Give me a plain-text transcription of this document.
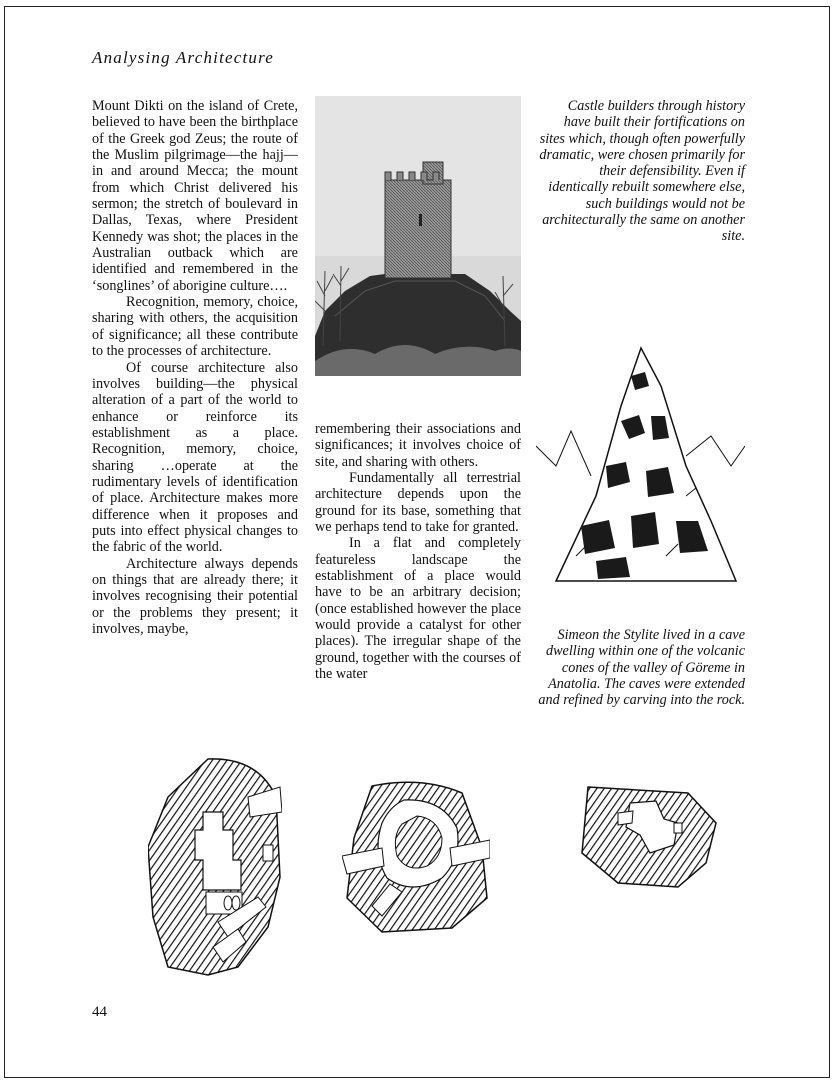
Analysing Architecture

Mount Dikti on the island of Crete, believed to have been the birthplace of the Greek god Zeus; the route of the Muslim pilgrimage—the hajj—in and around Mecca; the mount from which Christ delivered his sermon; the stretch of boulevard in Dallas, Texas, where President Kennedy was shot; the places in the Australian outback which are identified and remembered in the ‘songlines’ of aborigine culture….

Recognition, memory, choice, sharing with others, the acquisition of significance; all these contribute to the processes of architecture.

Of course architecture also involves building—the physical alteration of a part of the world to enhance or reinforce its establishment as a place. Recognition, memory, choice, sharing …operate at the rudimentary levels of identification of place. Architecture makes more difference when it proposes and puts into effect physical changes to the fabric of the world.

Architecture always depends on things that are already there; it involves recognising their potential or the problems they present; it involves, maybe,

Castle builders through history have built their fortifications on sites which, though often powerfully dramatic, were chosen primarily for their defensibility. Even if identically rebuilt somewhere else, such buildings would not be architecturally the same on another site.

remembering their associations and significances; it involves choice of site, and sharing with others.

Fundamentally all terrestrial architecture depends upon the ground for its base, something that we perhaps tend to take for granted.

In a flat and completely featureless landscape the establishment of a place would have to be an arbitrary decision; (once established however the place would provide a catalyst for other places). The irregular shape of the ground, together with the courses of the water

Simeon the Stylite lived in a cave dwelling within one of the volcanic cones of the valley of Göreme in Anatolia. The caves were extended and refined by carving into the rock.
44
